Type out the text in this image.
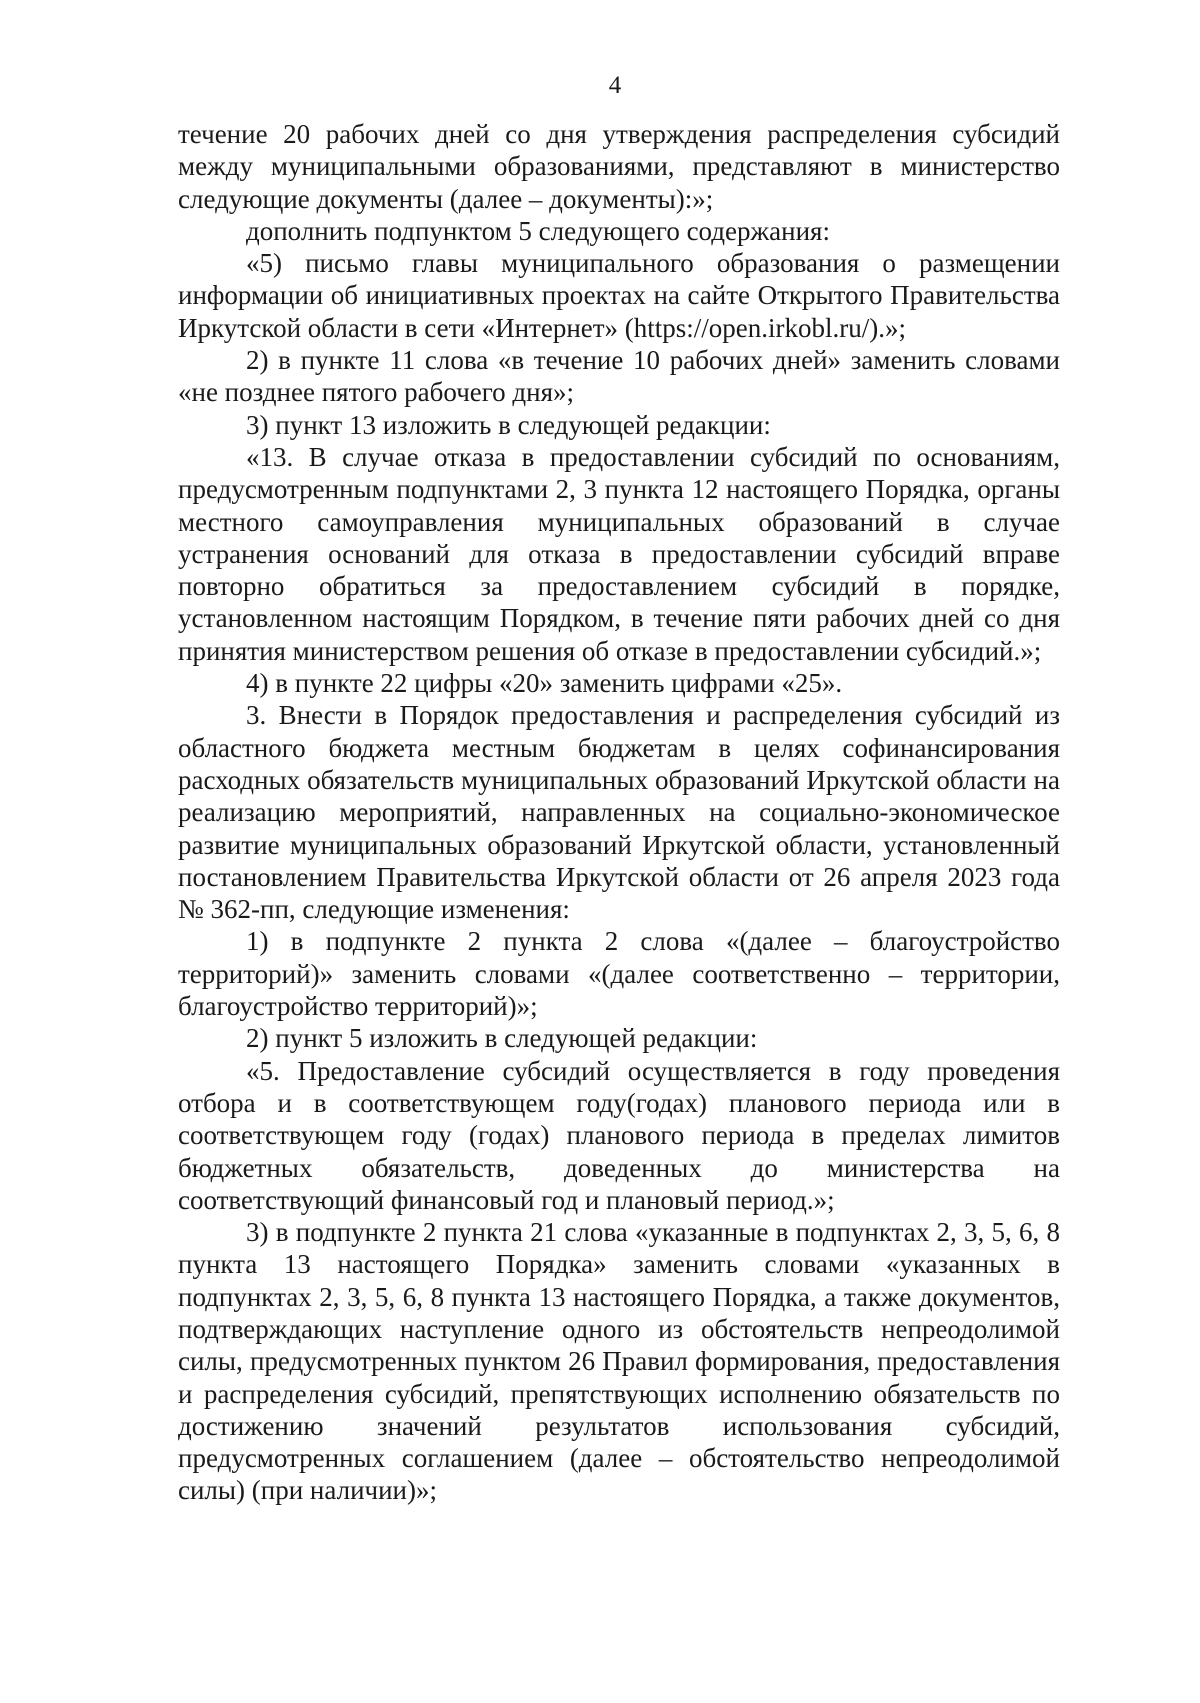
4

течение 20 рабочих дней со дня утверждения распределения субсидий между муниципальными образованиями, представляют в министерство следующие документы (далее – документы):»;

дополнить подпунктом 5 следующего содержания:

«5) письмо главы муниципального образования о размещении информации об инициативных проектах на сайте Открытого Правительства Иркутской области в сети «Интернет» (https://open.irkobl.ru/).»;

2) в пункте 11 слова «в течение 10 рабочих дней» заменить словами «не позднее пятого рабочего дня»;

3) пункт 13 изложить в следующей редакции:

«13. В случае отказа в предоставлении субсидий по основаниям, предусмотренным подпунктами 2, 3 пункта 12 настоящего Порядка, органы местного самоуправления муниципальных образований в случае устранения оснований для отказа в предоставлении субсидий вправе повторно обратиться за предоставлением субсидий в порядке, установленном настоящим Порядком, в течение пяти рабочих дней со дня принятия министерством решения об отказе в предоставлении субсидий.»;

4) в пункте 22 цифры «20» заменить цифрами «25».

3. Внести в Порядок предоставления и распределения субсидий из областного бюджета местным бюджетам в целях софинансирования расходных обязательств муниципальных образований Иркутской области на реализацию мероприятий, направленных на социально-экономическое развитие муниципальных образований Иркутской области, установленный постановлением Правительства Иркутской области от 26 апреля 2023 года № 362-пп, следующие изменения:

1) в подпункте 2 пункта 2 слова «(далее – благоустройство территорий)» заменить словами «(далее соответственно – территории, благоустройство территорий)»;

2) пункт 5 изложить в следующей редакции:

«5. Предоставление субсидий осуществляется в году проведения отбора и в соответствующем году(годах) планового периода или в соответствующем году (годах) планового периода в пределах лимитов бюджетных обязательств, доведенных до министерства на соответствующий финансовый год и плановый период.»;

3) в подпункте 2 пункта 21 слова «указанные в подпунктах 2, 3, 5, 6, 8 пункта 13 настоящего Порядка» заменить словами «указанных в подпунктах 2, 3, 5, 6, 8 пункта 13 настоящего Порядка, а также документов, подтверждающих наступление одного из обстоятельств непреодолимой силы, предусмотренных пунктом 26 Правил формирования, предоставления и распределения субсидий, препятствующих исполнению обязательств по достижению значений результатов использования субсидий, предусмотренных соглашением (далее – обстоятельство непреодолимой силы) (при наличии)»;
